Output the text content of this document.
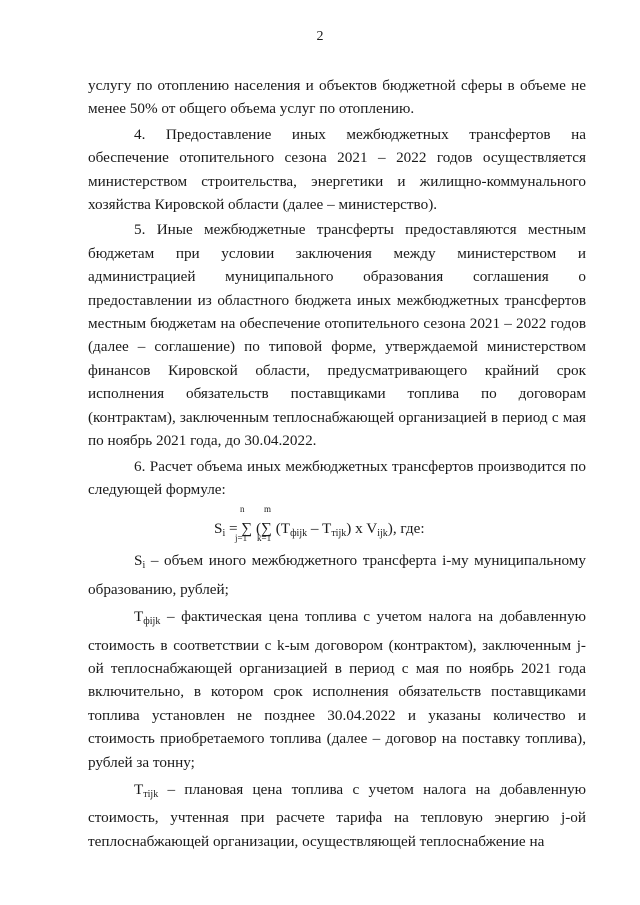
2

услугу по отоплению населения и объектов бюджетной сферы в объеме не менее 50% от общего объема услуг по отоплению.

4. Предоставление иных межбюджетных трансфертов на обеспечение отопительного сезона 2021 – 2022 годов осуществляется министерством строительства, энергетики и жилищно-коммунального хозяйства Кировской области (далее – министерство).

5. Иные межбюджетные трансферты предоставляются местным бюджетам при условии заключения между министерством и администрацией муниципального образования соглашения о предоставлении из областного бюджета иных межбюджетных трансфертов местным бюджетам на обеспечение отопительного сезона 2021 – 2022 годов (далее – соглашение) по типовой форме, утверждаемой министерством финансов Кировской области, предусматривающего крайний срок исполнения обязательств поставщиками топлива по договорам (контрактам), заключенным теплоснабжающей организацией в период с мая по ноябрь 2021 года, до 30.04.2022.

6. Расчет объема иных межбюджетных трансфертов производится по следующей формуле:

n
j=1
m
k=1
$S_i$ = ∑ (∑ $(T_{фijk} - T_{тijk})$ x $V_{ijk}$), где:

$S_i$ – объем иного межбюджетного трансферта i-му муниципальному образованию, рублей;

$T_{фijk}$ – фактическая цена топлива с учетом налога на добавленную стоимость в соответствии с k-ым договором (контрактом), заключенным j-ой теплоснабжающей организацией в период с мая по ноябрь 2021 года включительно, в котором срок исполнения обязательств поставщиками топлива установлен не позднее 30.04.2022 и указаны количество и стоимость приобретаемого топлива (далее – договор на поставку топлива), рублей за тонну;

$T_{тijk}$ – плановая цена топлива с учетом налога на добавленную стоимость, учтенная при расчете тарифа на тепловую энергию j-ой теплоснабжающей организации, осуществляющей теплоснабжение на
